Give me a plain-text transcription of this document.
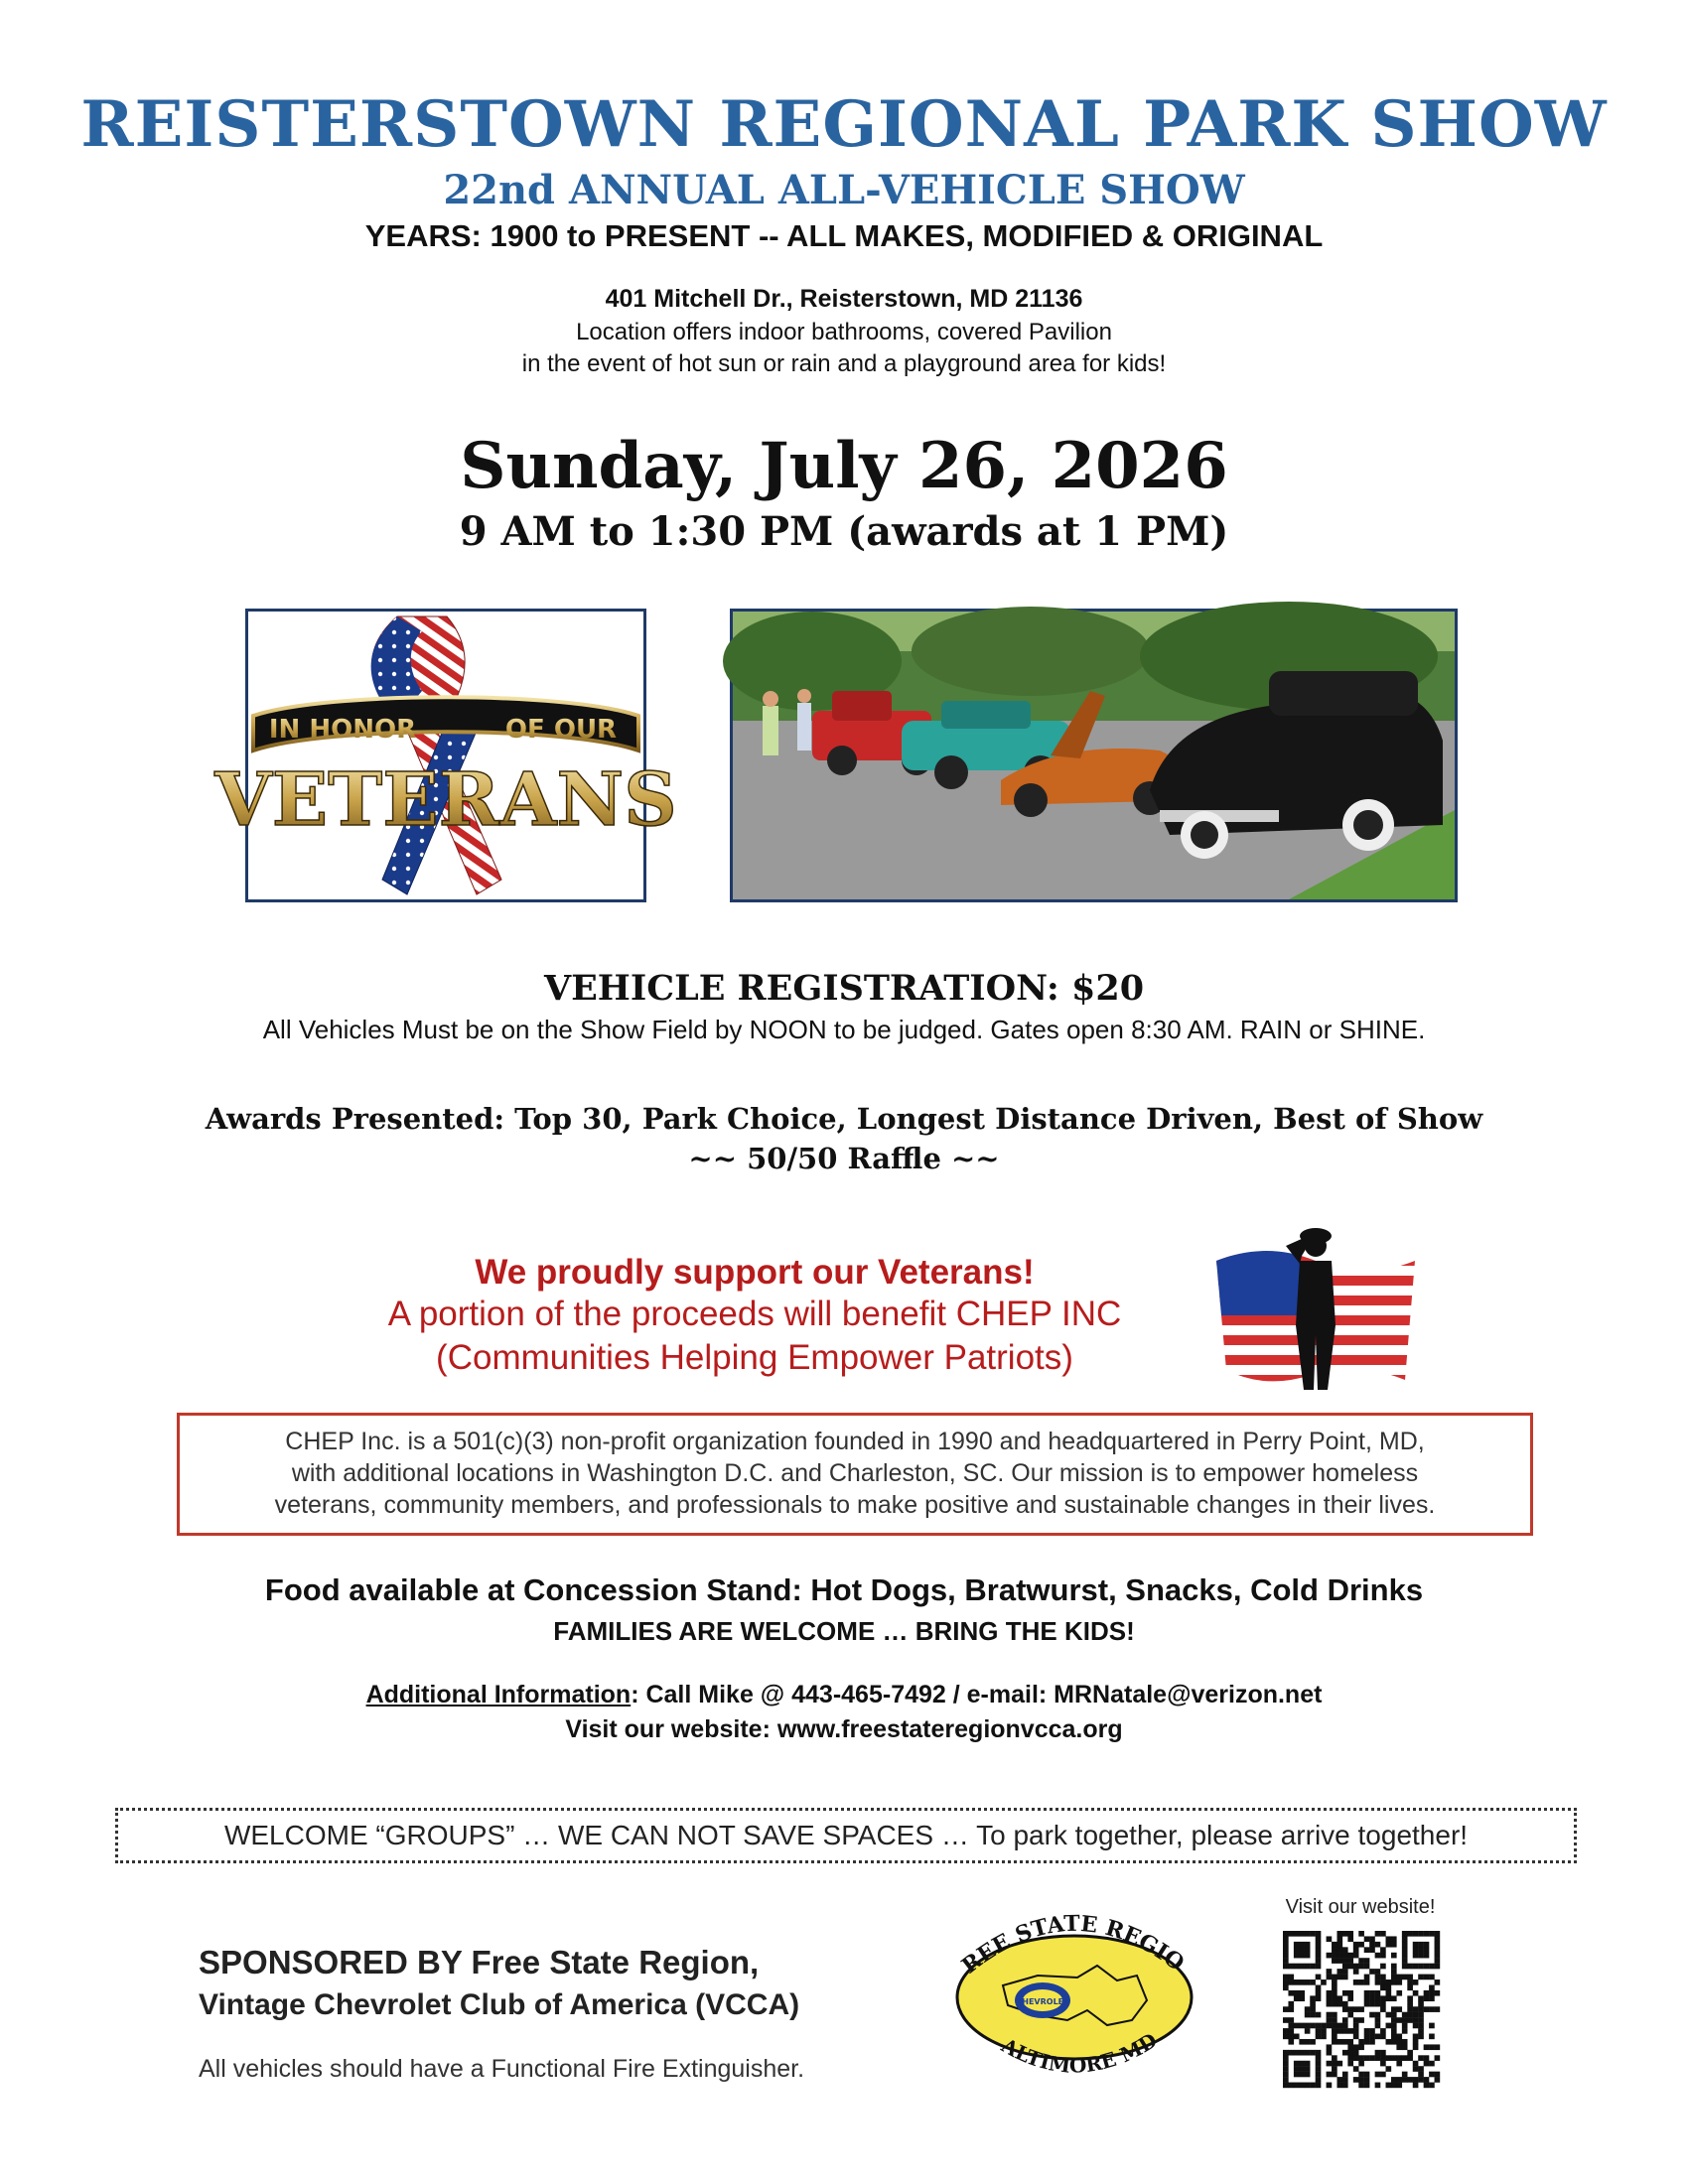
REISTERSTOWN REGIONAL PARK SHOW
22nd ANNUAL ALL-VEHICLE SHOW
YEARS: 1900 to PRESENT -- ALL MAKES, MODIFIED & ORIGINAL
401 Mitchell Dr., Reisterstown, MD 21136
Location offers indoor bathrooms, covered Pavilion
in the event of hot sun or rain and a playground area for kids!
Sunday, July 26, 2026
9 AM to 1:30 PM (awards at 1 PM)
IN HONOR	OF OUR
VETERANS
VEHICLE REGISTRATION: $20
All Vehicles Must be on the Show Field by NOON to be judged. Gates open 8:30 AM. RAIN or SHINE.
Awards Presented: Top 30, Park Choice, Longest Distance Driven, Best of Show
~~ 50/50 Raffle ~~
We proudly support our Veterans!
A portion of the proceeds will benefit CHEP INC
(Communities Helping Empower Patriots)
CHEP Inc. is a 501(c)(3) non-profit organization founded in 1990 and headquartered in Perry Point, MD,
with additional locations in Washington D.C. and Charleston, SC. Our mission is to empower homeless
veterans, community members, and professionals to make positive and sustainable changes in their lives.
Food available at Concession Stand: Hot Dogs, Bratwurst, Snacks, Cold Drinks
FAMILIES ARE WELCOME … BRING THE KIDS!
Additional Information: Call Mike @ 443-465-7492 / e-mail: MRNatale@verizon.net
Visit our website: www.freestateregionvcca.org
WELCOME “GROUPS” … WE CAN NOT SAVE SPACES … To park together, please arrive together!
SPONSORED BY Free State Region,
Vintage Chevrolet Club of America (VCCA)
All vehicles should have a Functional Fire Extinguisher.
CHEVROLET
REE STATE REGIO
ALTIMORE MD
Visit our website!
